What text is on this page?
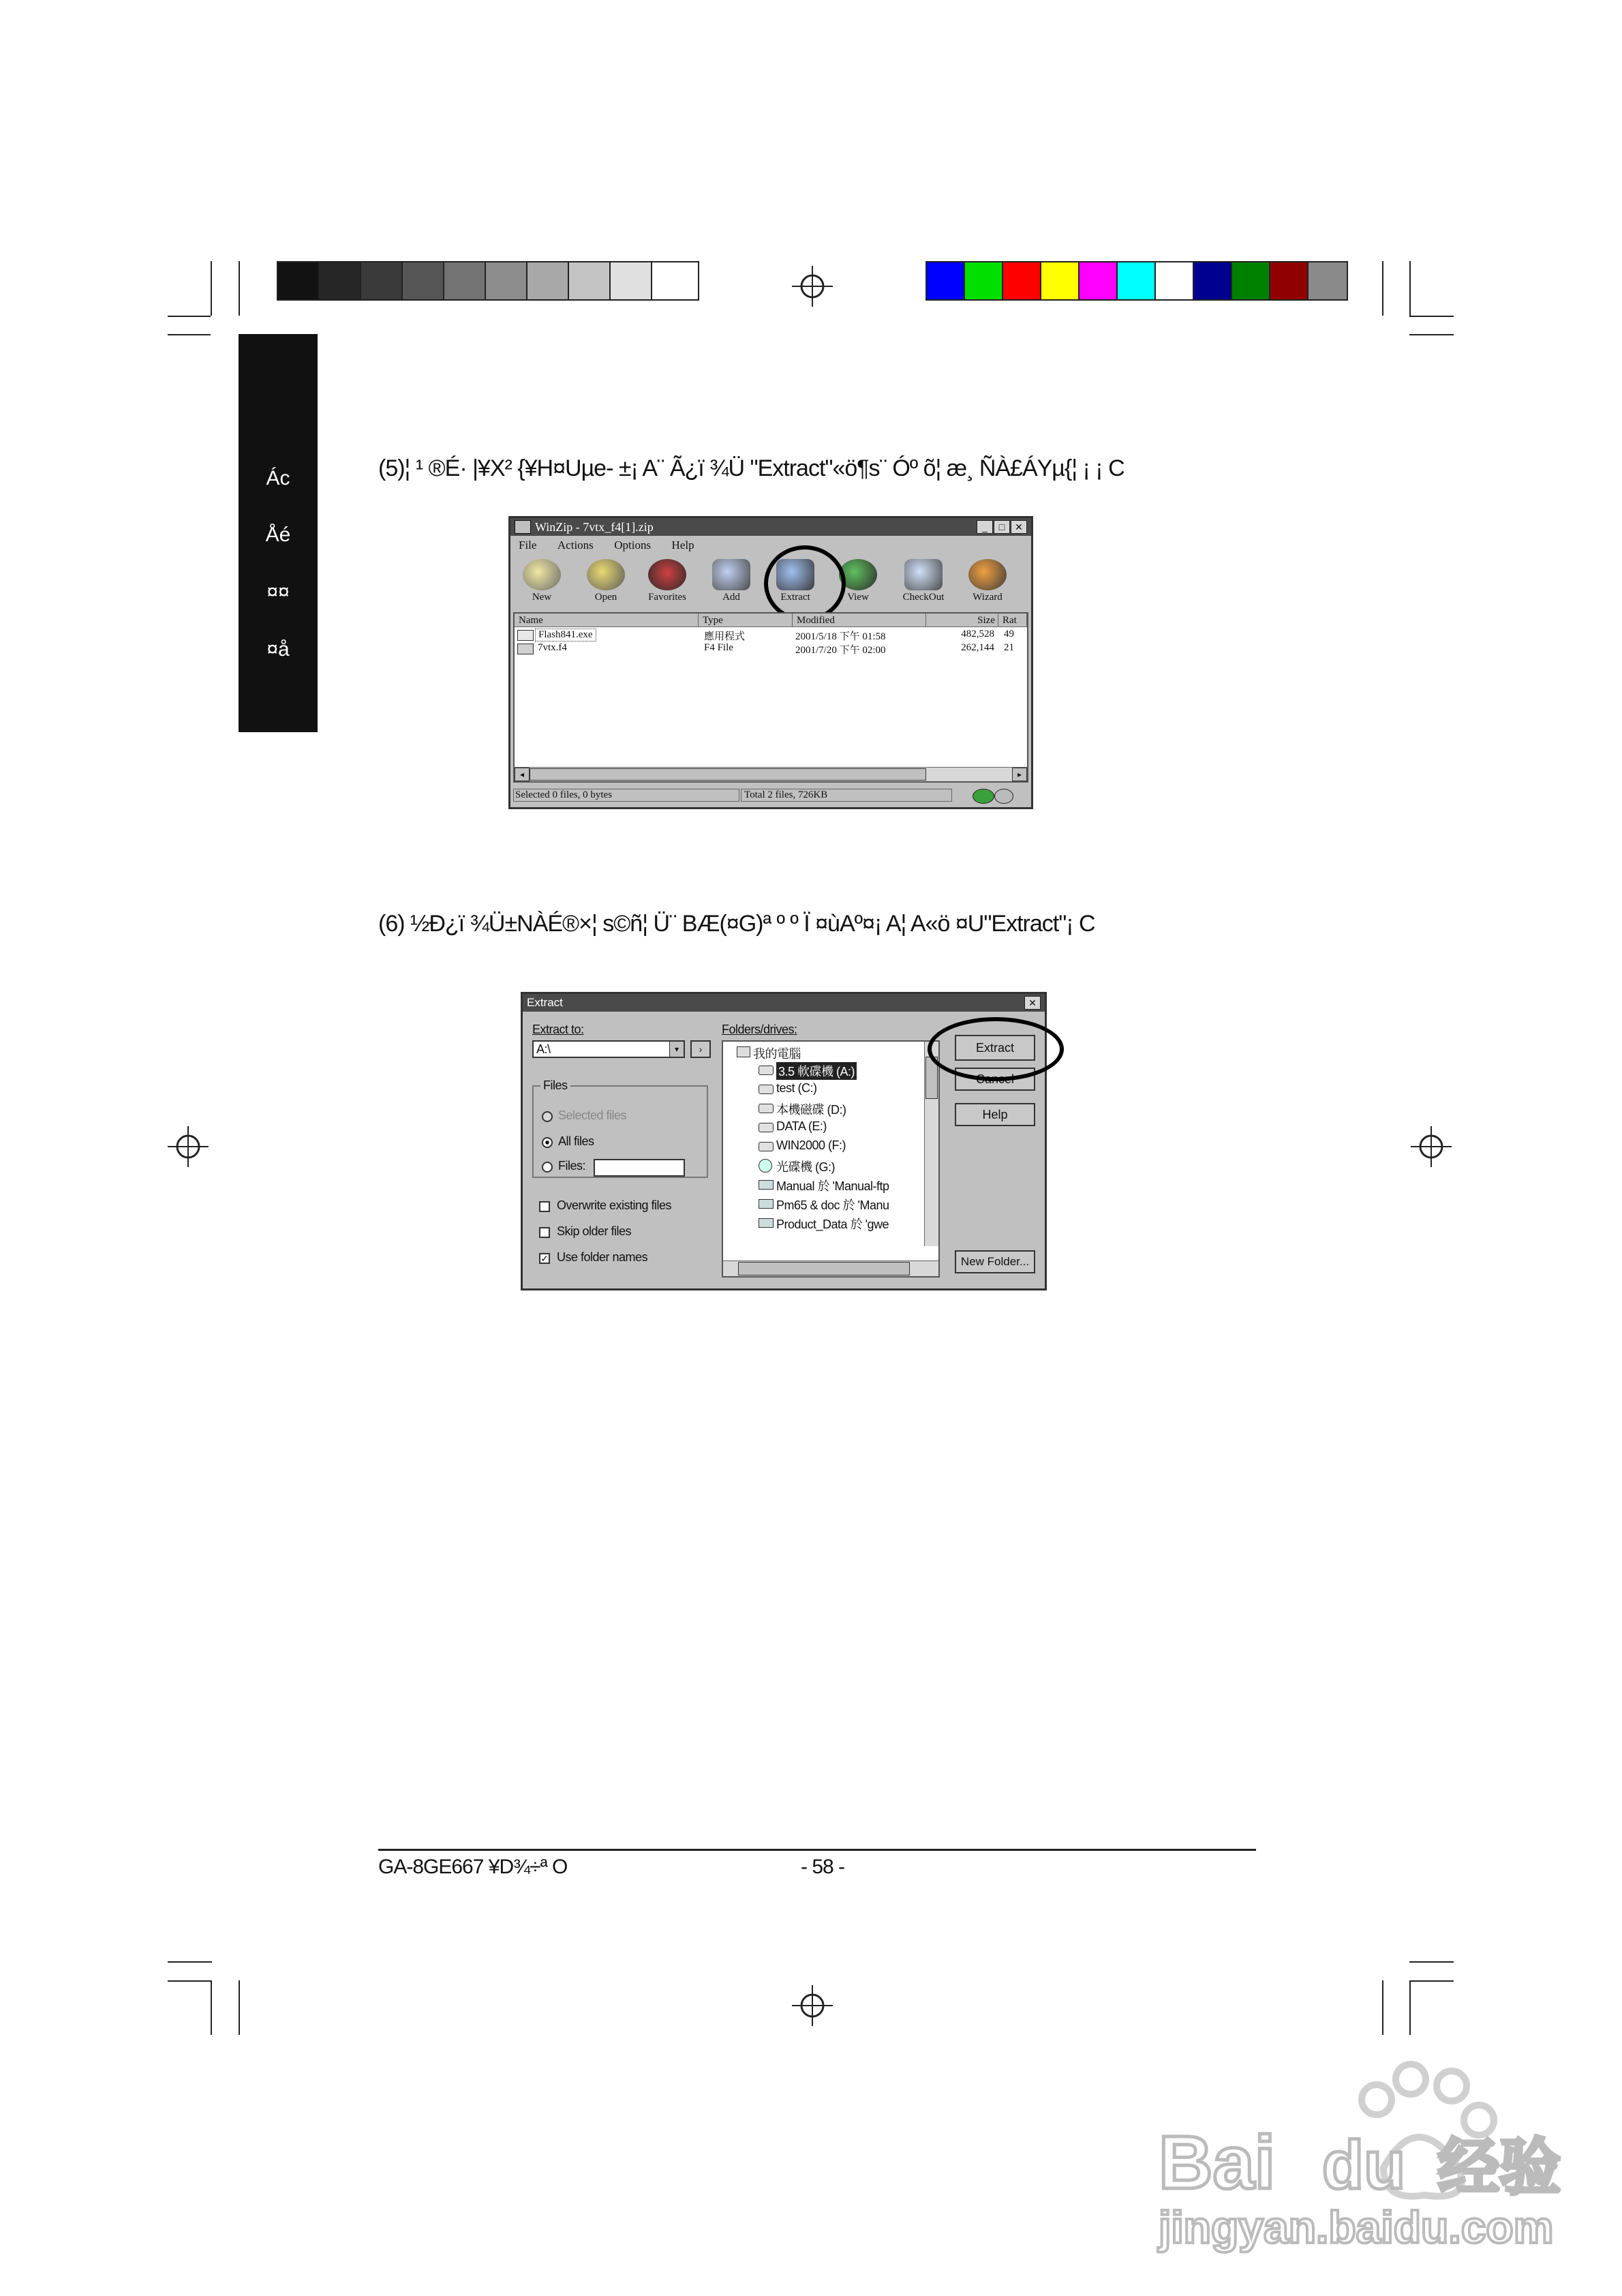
Ác
Åé
¤¤
¤å
(5)¦ ¹ ®É· |¥X² {¥H¤Uµe- ±¡ A¨ Ã¿ï ¾Ü "Extract"«ö¶s¨ Óº õ¦ æ¸ ÑÀ£ÁYµ{¦ ¡ ¡ C
WinZip - 7vtx_f4[1].zip	_	□	✕
File Actions Options Help
New	Open	Favorites	Add	Extract	View	CheckOut	Wizard
Name	Type	Modified	Size Rat
Flash841.exe	應用程式	2001/5/18 下午 01:58	482,528 49
7vtx.f4	F4 File	2001/7/20 下午 02:00	262,144 21
◂	▸
Selected 0 files, 0 bytes	Total 2 files, 726KB
(6) ½Ð¿ï ¾Ü±NÀÉ®×¦ s©ñ¦ Ü¨ BÆ(¤G)ª º º Ï ¤ùAº¤¡ A¦ A«ö ¤U"Extract"¡ C
Extract	✕
Extract to:
A:\	▾	›
Files
Selected files
All files
Files:
Overwrite existing files
Skip older files
✓ Use folder names
Folders/drives:
我的電腦
3.5 軟碟機 (A:)
test (C:)
本機磁碟 (D:)
DATA (E:)
WIN2000 (F:)
光碟機 (G:)
Manual 於 'Manual-ftp
Pm65 & doc 於 'Manu
Product_Data 於 'gwe
Extract
Cancel
Help
New Folder...
GA-8GE667 ¥D¾÷ª O	- 58 -
Bai du 经验
jingyan.baidu.com
